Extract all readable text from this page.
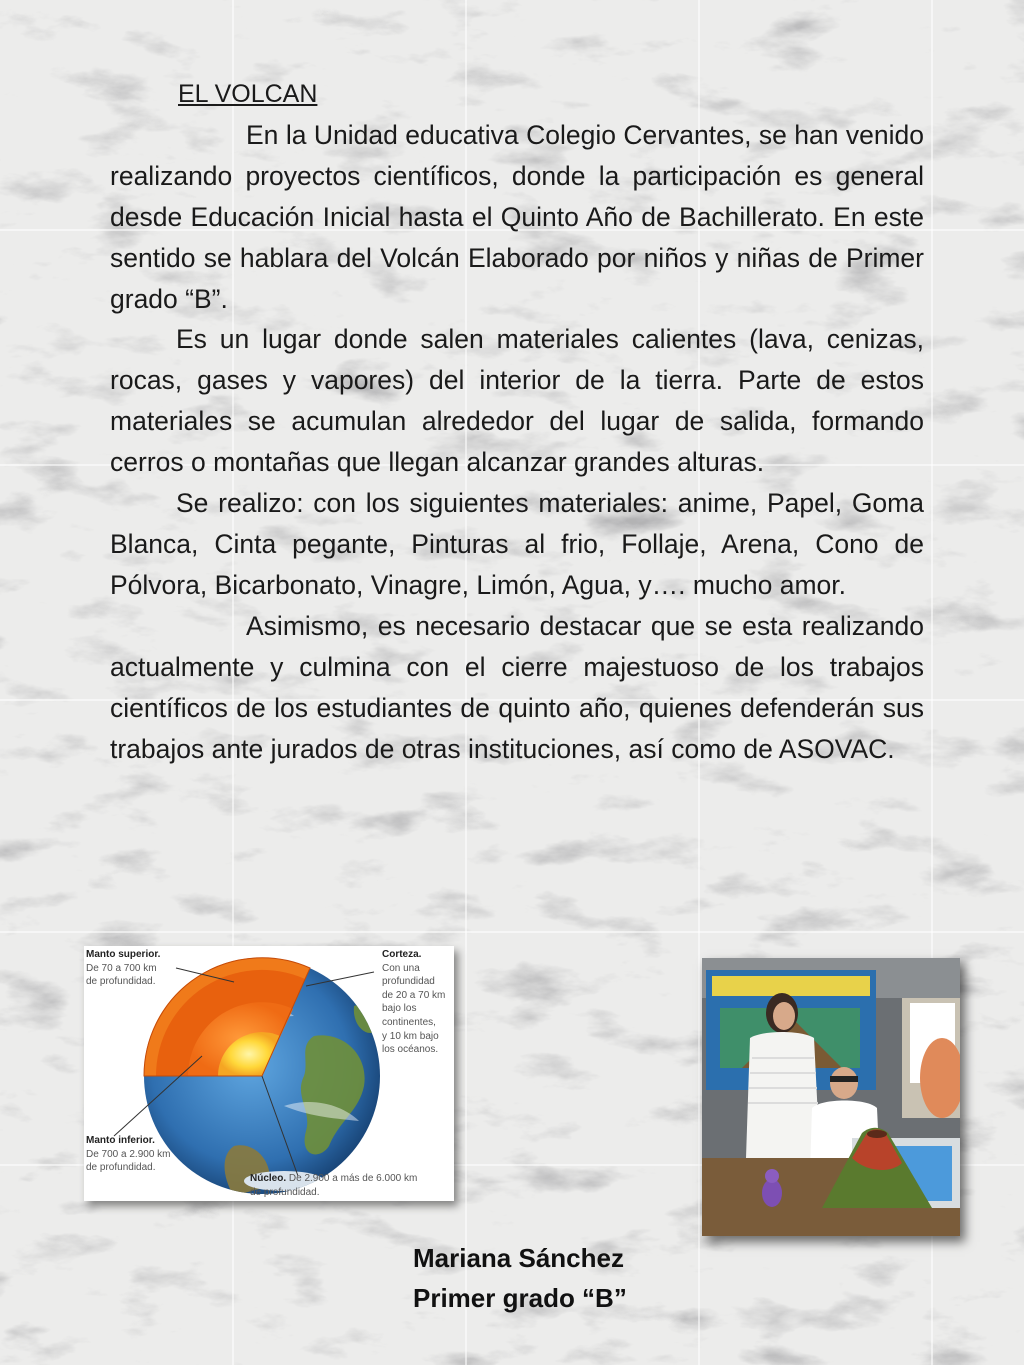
EL VOLCAN

En la Unidad educativa Colegio Cervantes, se han venido realizando proyectos científicos, donde la participación es general desde Educación Inicial hasta el Quinto Año de Bachillerato. En este sentido se hablara del Volcán Elaborado por niños y niñas de Primer grado “B”.

Es un lugar donde salen materiales calientes (lava, cenizas, rocas, gases y vapores) del interior de la tierra. Parte de estos materiales se acumulan alrededor del lugar de salida, formando cerros o montañas que llegan alcanzar grandes alturas.

Se realizo: con los siguientes materiales: anime, Papel, Goma Blanca, Cinta pegante, Pinturas al frio, Follaje, Arena, Cono de Pólvora, Bicarbonato, Vinagre, Limón, Agua, y…. mucho amor.

Asimismo, es necesario destacar que se esta realizando actualmente y culmina con el cierre majestuoso de los trabajos científicos de los estudiantes de quinto año, quienes defenderán sus trabajos ante jurados de otras instituciones, así como de ASOVAC.

Manto superior.
De 70 a 700 km
de profundidad.
Corteza.
Con una
profundidad
de 20 a 70 km
bajo los
continentes,
y 10 km bajo
los océanos.
Manto inferior.
De 700 a 2.900 km
de profundidad.
Núcleo. De 2.900 a más de 6.000 km
de profundidad.
Mariana Sánchez
Primer grado “B”
